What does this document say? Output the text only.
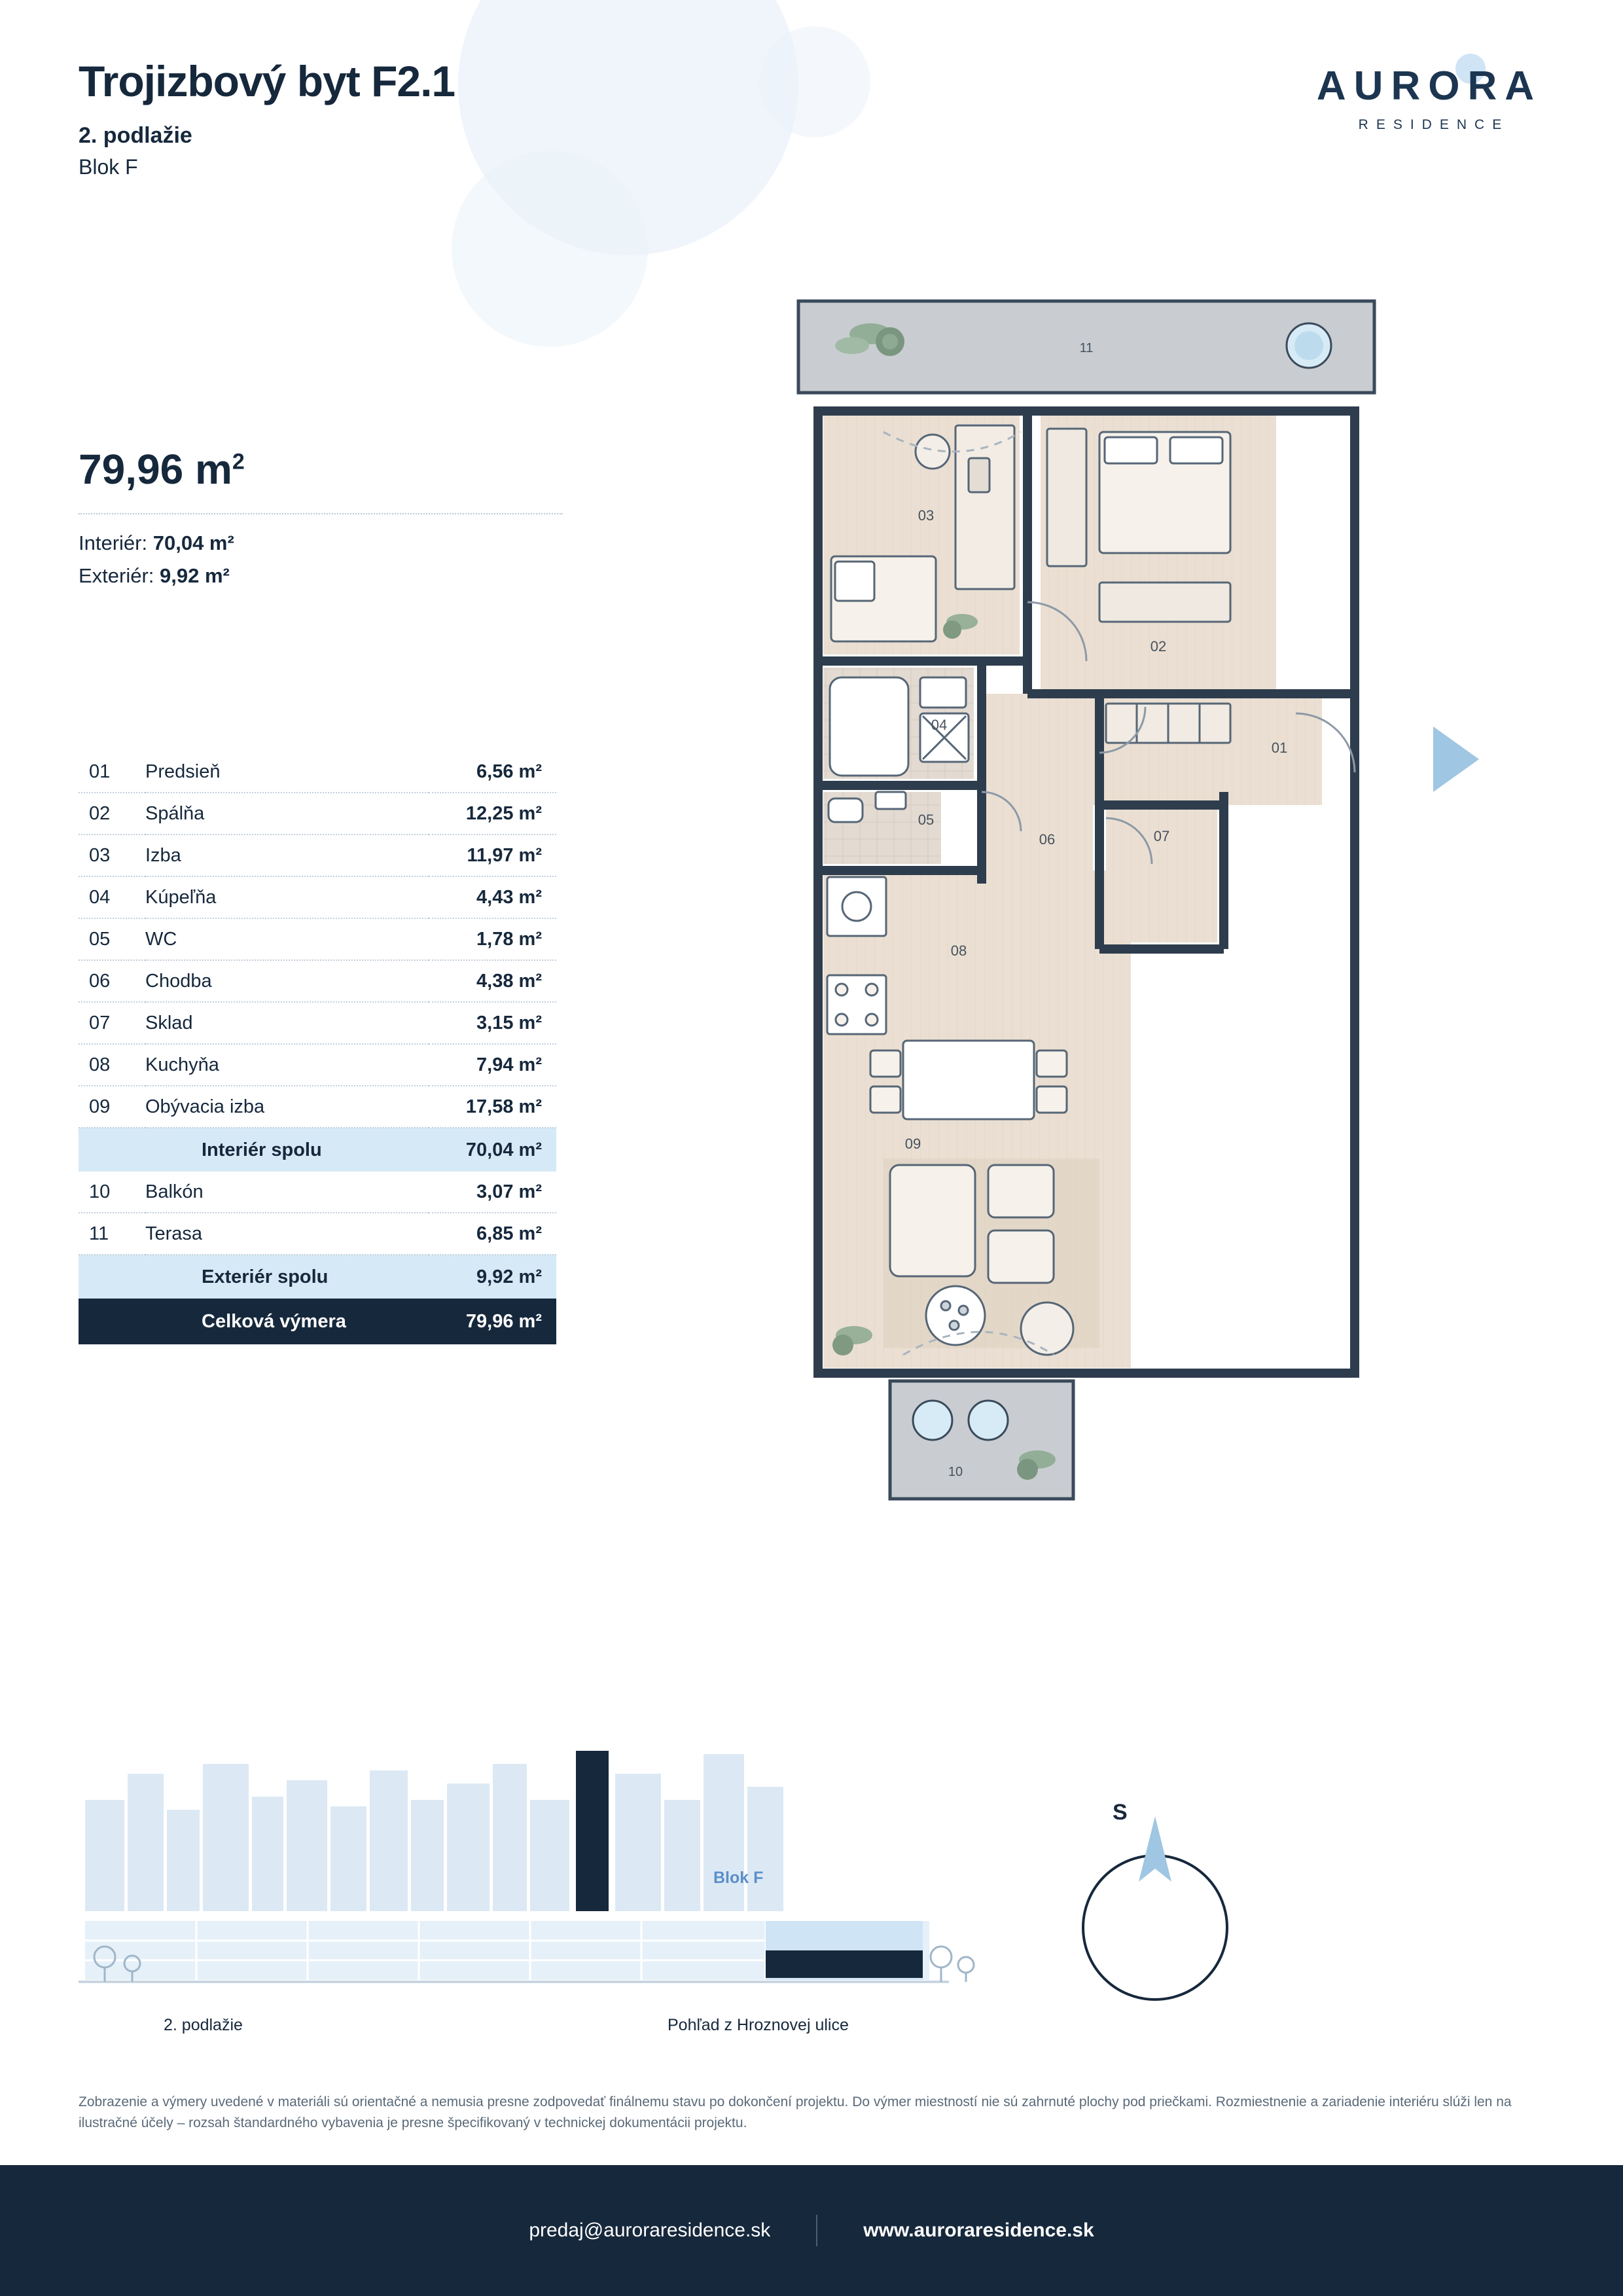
Trojizbový byt F2.1

2. podlažie

Blok F

AURORA
RESIDENCE
79,96 $m^2$

Interiér: 70,04 m²

Exteriér: 9,92 m²

01	Predsieň	6,56 m²
02	Spálňa	12,25 m²
03	Izba	11,97 m²
04	Kúpeľňa	4,43 m²
05	WC	1,78 m²
06	Chodba	4,38 m²
07	Sklad	3,15 m²
08	Kuchyňa	7,94 m²
09	Obývacia izba	17,58 m²
	Interiér spolu	70,04 m²
10	Balkón	3,07 m²
11	Terasa	6,85 m²
	Exteriér spolu	9,92 m²
	Celková výmera	79,96 m²
11
10
03
02
01
04
05
06	07
08
09
Blok F
2. podlažie	Pohľad z Hroznovej ulice
S

Zobrazenie a výmery uvedené v materiáli sú orientačné a nemusia presne zodpovedať finálnemu stavu po dokončení projektu. Do výmer miestností nie sú zahrnuté plochy pod priečkami. Rozmiestnenie a zariadenie interiéru slúži len na ilustračné účely – rozsah štandardného vybavenia je presne špecifikovaný v technickej dokumentácii projektu.

predaj@auroraresidence.sk	www.auroraresidence.sk
